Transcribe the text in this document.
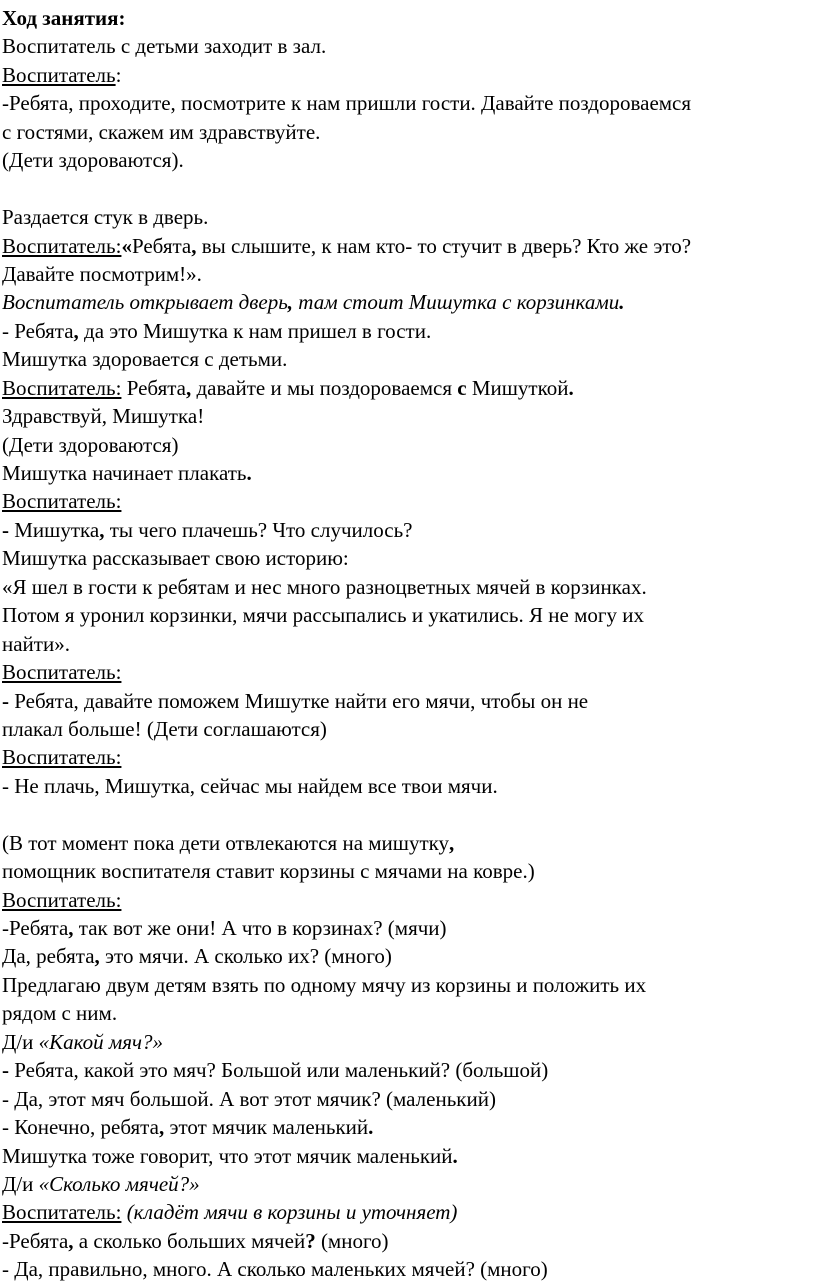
Ход занятия:
Воспитатель с детьми заходит в зал.
Воспитатель:
-Ребята, проходите, посмотрите к нам пришли гости. Давайте поздороваемся
с гостями, скажем им здравствуйте.
(Дети здороваются).
Раздается стук в дверь.
Воспитатель:«Ребята, вы слышите, к нам кто- то стучит в дверь? Кто же это?
Давайте посмотрим!».
Воспитатель открывает дверь, там стоит Мишутка с корзинками.
- Ребята, да это Мишутка к нам пришел в гости.
Мишутка здоровается с детьми.
Воспитатель: Ребята, давайте и мы поздороваемся с Мишуткой.
Здравствуй, Мишутка!
(Дети здороваются)
Мишутка начинает плакать.
Воспитатель:
- Мишутка, ты чего плачешь? Что случилось?
Мишутка рассказывает свою историю:
«Я шел в гости к ребятам и нес много разноцветных мячей в корзинках.
Потом я уронил корзинки, мячи рассыпались и укатились. Я не могу их
найти».
Воспитатель:
- Ребята, давайте поможем Мишутке найти его мячи, чтобы он не
плакал больше! (Дети соглашаются)
Воспитатель:
- Не плачь, Мишутка, сейчас мы найдем все твои мячи.
(В тот момент пока дети отвлекаются на мишутку,
помощник воспитателя ставит корзины с мячами на ковре.)
Воспитатель:
-Ребята, так вот же они! А что в корзинах? (мячи)
Да, ребята, это мячи. А сколько их? (много)
Предлагаю двум детям взять по одному мячу из корзины и положить их
рядом с ним.
Д/и «Какой мяч?»
- Ребята, какой это мяч? Большой или маленький? (большой)
- Да, этот мяч большой. А вот этот мячик? (маленький)
- Конечно, ребята, этот мячик маленький.
Мишутка тоже говорит, что этот мячик маленький.
Д/и «Сколько мячей?»
Воспитатель: (кладёт мячи в корзины и уточняет)
-Ребята, а сколько больших мячей? (много)
- Да, правильно, много. А сколько маленьких мячей? (много)
